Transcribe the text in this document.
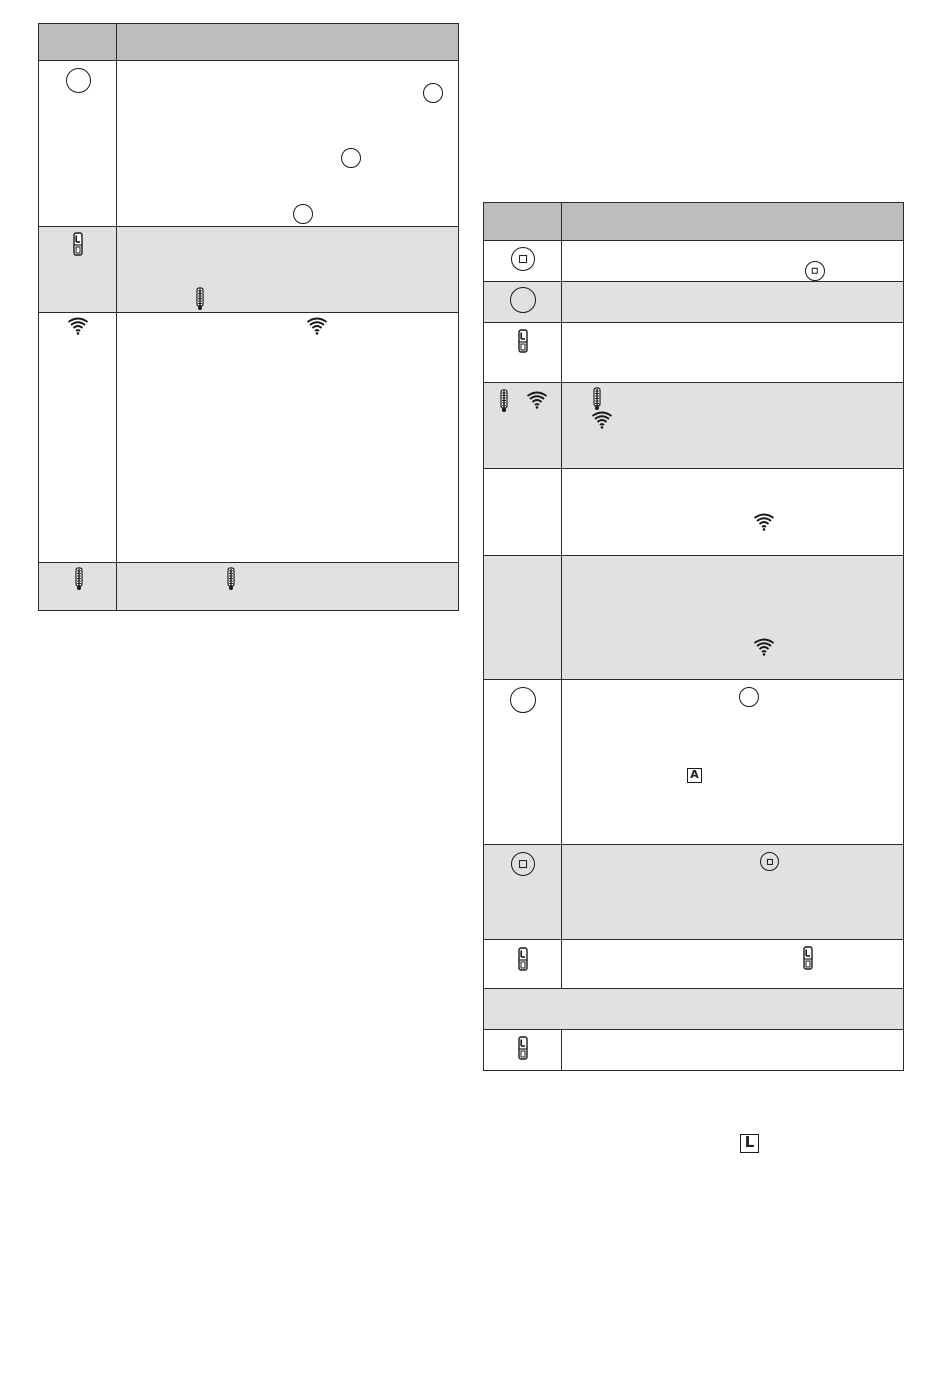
	A

L
